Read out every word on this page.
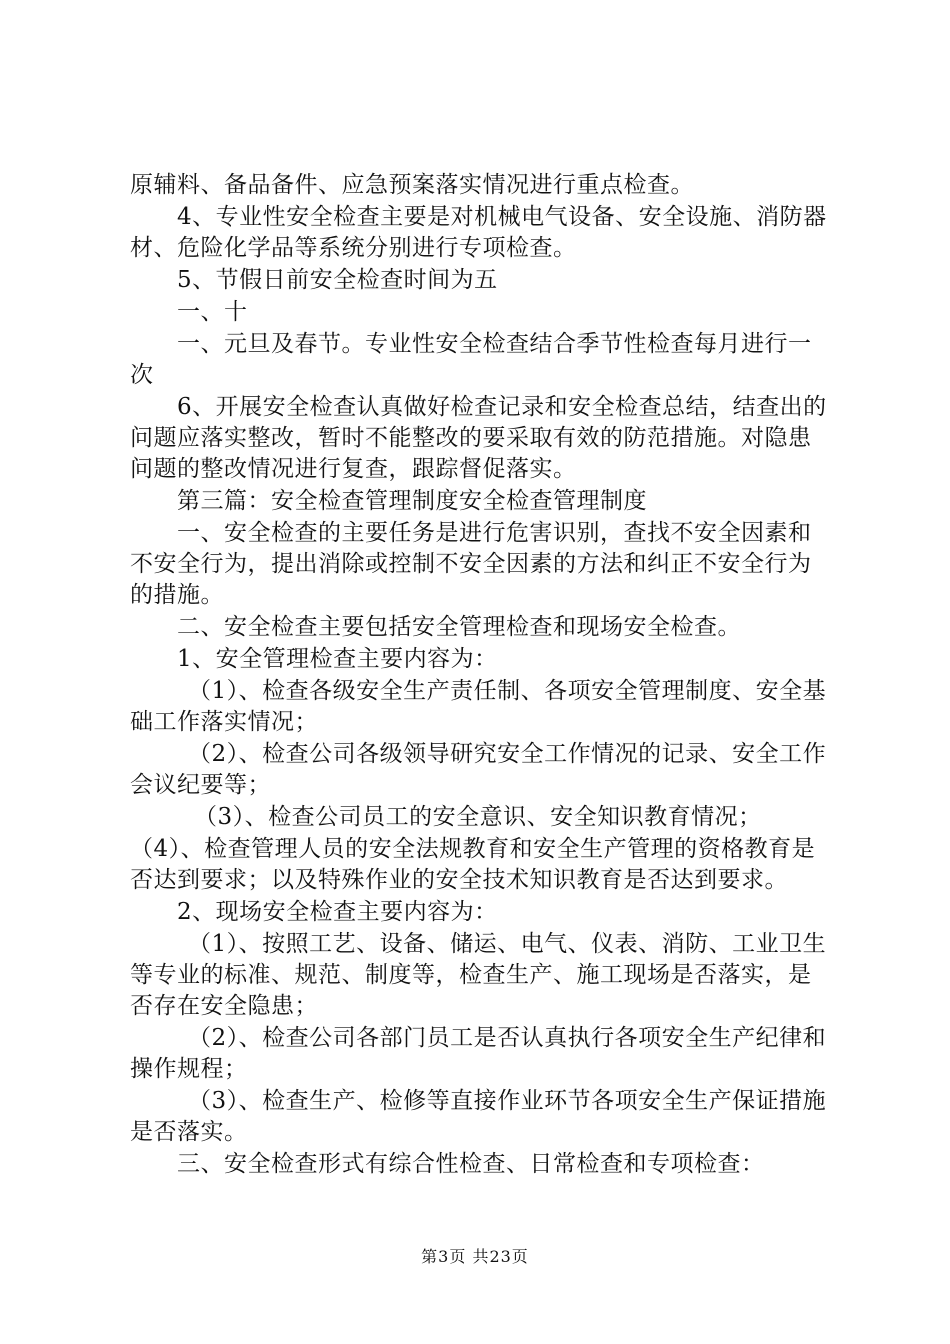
原辅料、备品备件、应急预案落实情况进行重点检查。

4、专业性安全检查主要是对机械电气设备、安全设施、消防器材、危险化学品等系统分别进行专项检查。

5、节假日前安全检查时间为五

一、十

一、元旦及春节。专业性安全检查结合季节性检查每月进行一次

6、开展安全检查认真做好检查记录和安全检查总结，结查出的问题应落实整改，暂时不能整改的要采取有效的防范措施。对隐患问题的整改情况进行复查，跟踪督促落实。

第三篇：安全检查管理制度安全检查管理制度

一、安全检查的主要任务是进行危害识别，查找不安全因素和不安全行为，提出消除或控制不安全因素的方法和纠正不安全行为的措施。

二、安全检查主要包括安全管理检查和现场安全检查。

1、安全管理检查主要内容为：

（1）、检查各级安全生产责任制、各项安全管理制度、安全基础工作落实情况；

（2）、检查公司各级领导研究安全工作情况的记录、安全工作会议纪要等；

（3）、检查公司员工的安全意识、安全知识教育情况；

（4）、检查管理人员的安全法规教育和安全生产管理的资格教育是否达到要求；以及特殊作业的安全技术知识教育是否达到要求。

2、现场安全检查主要内容为：

（1）、按照工艺、设备、储运、电气、仪表、消防、工业卫生等专业的标准、规范、制度等，检查生产、施工现场是否落实，是否存在安全隐患；

（2）、检查公司各部门员工是否认真执行各项安全生产纪律和操作规程；

（3）、检查生产、检修等直接作业环节各项安全生产保证措施是否落实。

三、安全检查形式有综合性检查、日常检查和专项检查：

第3页 共23页
